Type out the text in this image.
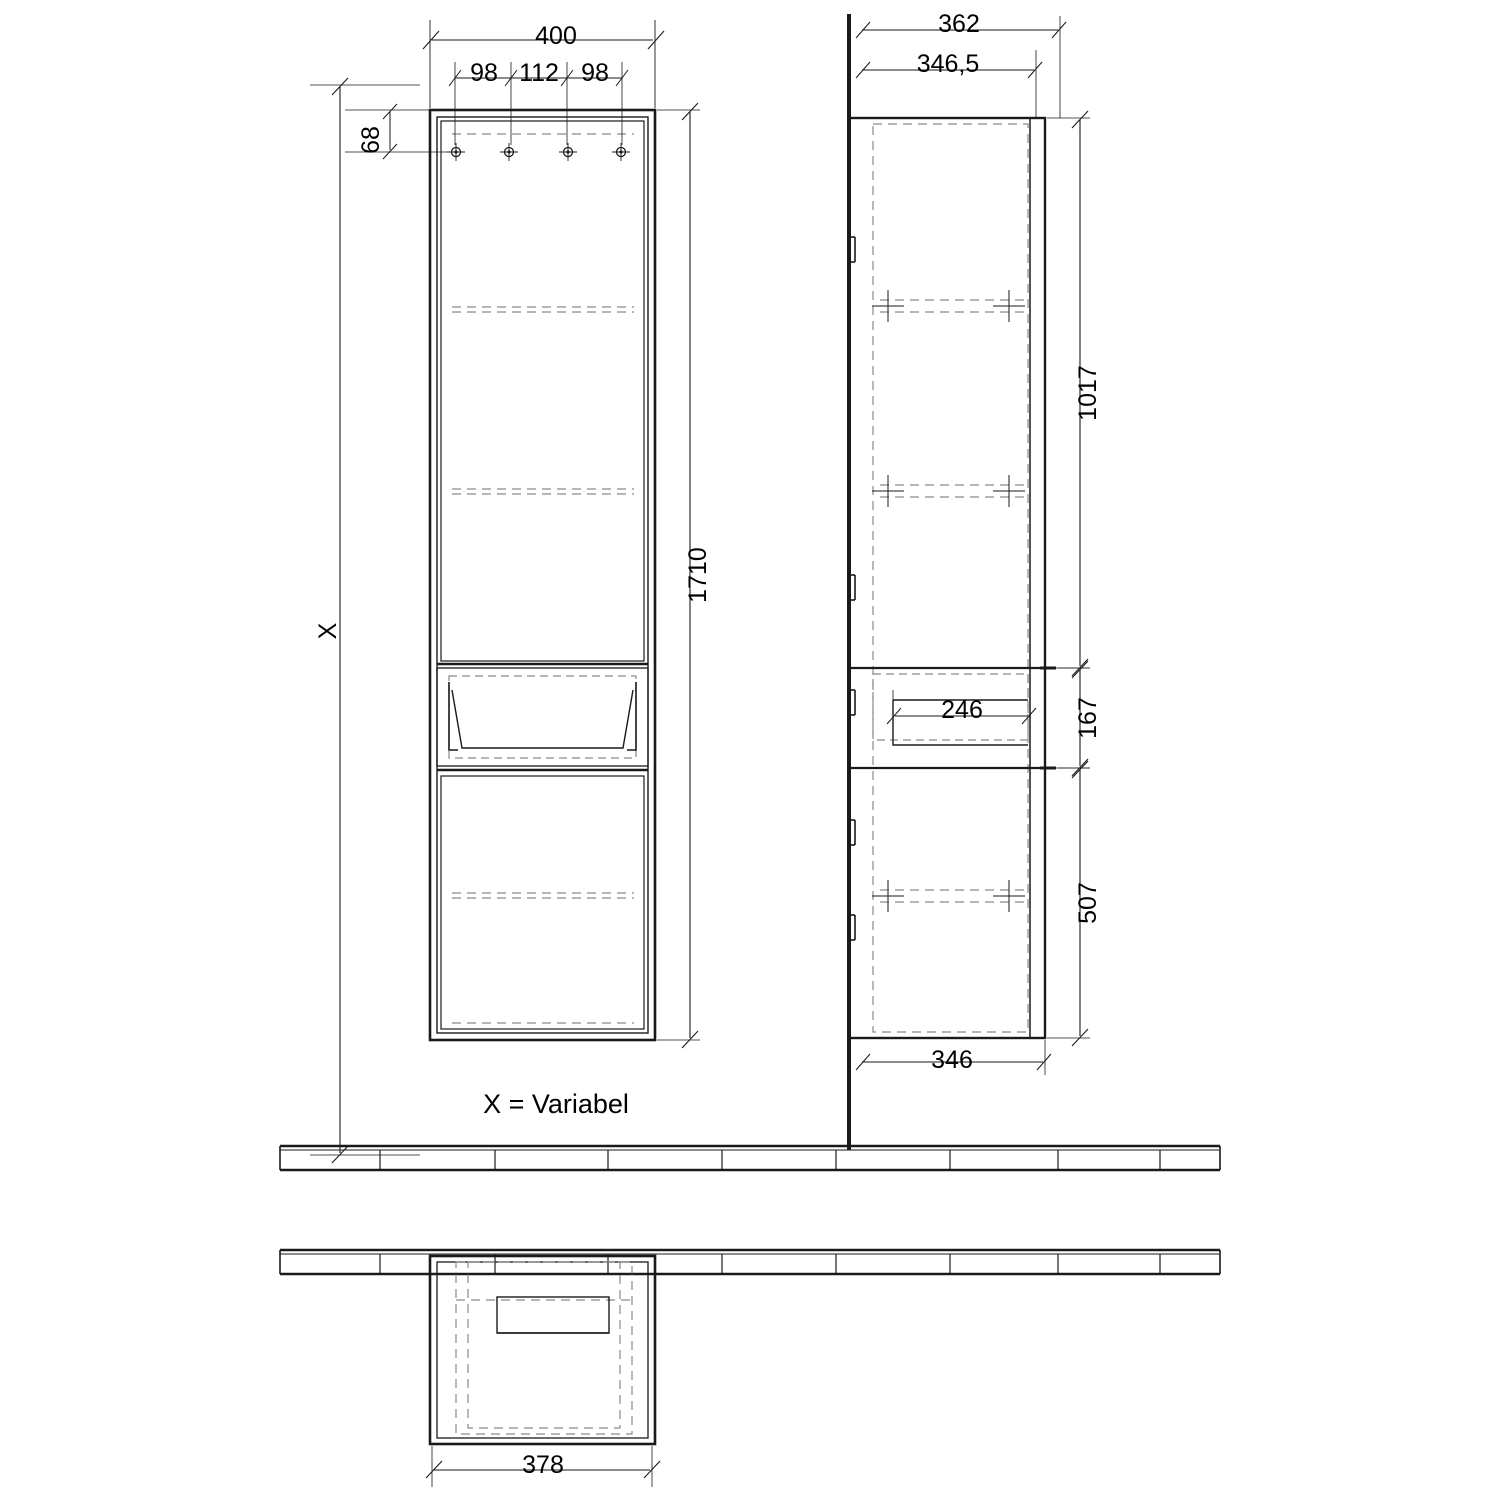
400
98 112 98
68
1710
X
X = Variabel
362
346,5
1017
167
246
507
346
378
